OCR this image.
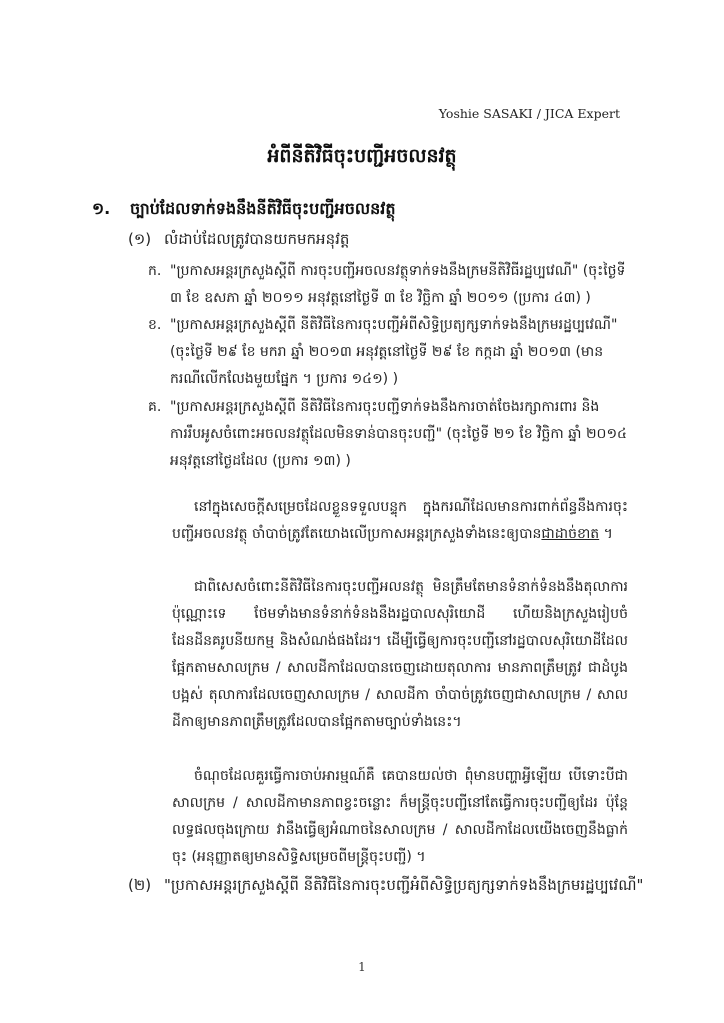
Yoshie SASAKI / JICA Expert
អំពីនីតិវិធីចុះបញ្ជីអចលនវត្ថុ
១. ច្បាប់ដែលទាក់ទងនឹងនីតិវិធីចុះបញ្ជីអចលនវត្ថុ
(១) លំដាប់ដែលត្រូវបានយកមកអនុវត្ត
ក. "ប្រកាសអន្តរក្រសួងស្តីពី ការចុះបញ្ជីអចលនវត្ថុទាក់ទងនឹងក្រមនីតិវិធីរដ្ឋប្បវេណី" (ចុះថ្ងៃទី ៣ ខែ ឧសភា ឆ្នាំ ២០១១ អនុវត្តនៅថ្ងៃទី ៣ ខែ វិច្ឆិកា ឆ្នាំ ២០១១ (ប្រការ ៤៣) )
ខ. "ប្រកាសអន្តរក្រសួងស្តីពី នីតិវិធីនៃការចុះបញ្ជីអំពីសិទ្ធិប្រត្យក្សទាក់ទងនឹងក្រមរដ្ឋប្បវេណី" (ចុះថ្ងៃទី ២៩ ខែ មករា ឆ្នាំ ២០១៣ អនុវត្តនៅថ្ងៃទី ២៩ ខែ កក្កដា ឆ្នាំ ២០១៣ (មានករណីលើកលែងមួយផ្នែក ។ ប្រការ ១៤១) )
គ. "ប្រកាសអន្តរក្រសួងស្តីពី នីតិវិធីនៃការចុះបញ្ជីទាក់ទងនឹងការចាត់ចែងរក្សាការពារ និង ការរឹបអូសចំពោះអចលនវត្ថុដែលមិនទាន់បានចុះបញ្ជី" (ចុះថ្ងៃទី ២១ ខែ វិច្ឆិកា ឆ្នាំ ២០១៤ អនុវត្តនៅថ្ងៃដដែល (ប្រការ ១៣) )
នៅក្នុងសេចក្តីសម្រេចដែលខ្លួនទទួលបន្ទុក ក្នុងករណីដែលមានការពាក់ព័ន្ធនឹងការចុះបញ្ជីអចលនវត្ថុ ចាំបាច់ត្រូវតែយោងលើប្រកាសអន្តរក្រសួងទាំងនេះឲ្យបានជាដាច់ខាត ។
ជាពិសេសចំពោះនីតិវិធីនៃការចុះបញ្ជីអលនវត្ថុ មិនត្រឹមតែមានទំនាក់ទំនងនឹងតុលាការប៉ុណ្ណោះទេ ថែមទាំងមានទំនាក់ទំនងនឹងរដ្ឋបាលសុរិយោដី ហើយនិងក្រសួងរៀបចំដែនដីនគរូបនីយកម្ម និងសំណង់ផងដែរ។ ដើម្បីធ្វើឲ្យការចុះបញ្ជីនៅរដ្ឋបាលសុរិយោដីដែលផ្អែកតាមសាលក្រម / សាលដីកាដែលបានចេញដោយតុលាការ មានភាពត្រឹមត្រូវ ជាដំបូងបង្អស់ តុលាការដែលចេញសាលក្រម / សាលដីកា ចាំបាច់ត្រូវចេញជាសាលក្រម / សាលដីកាឲ្យមានភាពត្រឹមត្រូវដែលបានផ្អែកតាមច្បាប់ទាំងនេះ។
ចំណុចដែលគួរធ្វើការចាប់អារម្មណ៍គឺ គេបានយល់ថា ពុំមានបញ្ហាអ្វីឡើយ បើទោះបីជាសាលក្រម / សាលដីកាមានភាពខ្វះចន្លោះ ក៏មន្ត្រីចុះបញ្ជីនៅតែធ្វើការចុះបញ្ជីឲ្យដែរ ប៉ុន្តែលទ្ធផលចុងក្រោយ វានឹងធ្វើឲ្យអំណាចនៃសាលក្រម / សាលដីកាដែលយើងចេញនឹងធ្លាក់ចុះ (អនុញ្ញាតឲ្យមានសិទ្ធិសម្រេចពីមន្ត្រីចុះបញ្ជី) ។
(២) "ប្រកាសអន្តរក្រសួងស្តីពី នីតិវិធីនៃការចុះបញ្ជីអំពីសិទ្ធិប្រត្យក្សទាក់ទងនឹងក្រមរដ្ឋប្បវេណី"
1
